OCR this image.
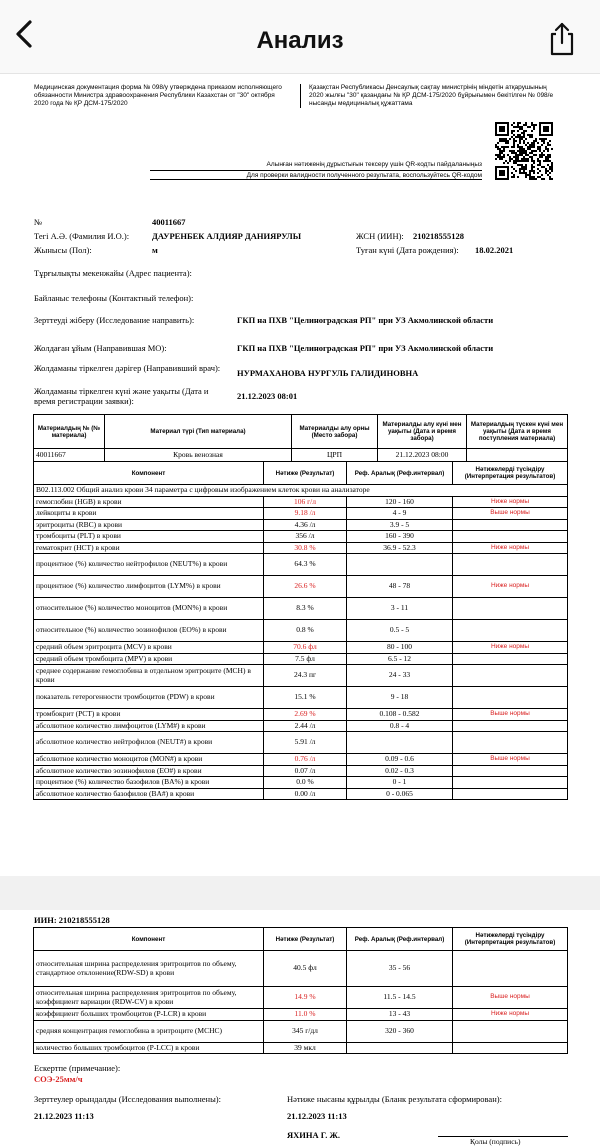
Анализ
Медицинская документация форма № 098/у утверждена приказом исполняющего обязанности Министра здравоохранения Республики Казахстан от "30" октября 2020 года № ҚР ДСМ-175/2020
Қазақстан Республикасы Денсаулық сақтау министрінің міндетін атқарушының 2020 жылғы "30" қазандағы № ҚР ДСМ-175/2020 бұйрығымен бекітілген № 098/е нысанды медициналық құжаттама
Алынған нәтиженің дұрыстығын тексеру үшін QR-кодты пайдаланыңыз
Для проверки валидности полученного результата, воспользуйтесь QR-кодом
№	40011667
Тегі А.Ә. (Фамилия И.О.):	ДАУРЕНБЕК АЛДИЯР ДАНИЯРУЛЫ	ЖСН (ИИН): 210218555128
Жынысы (Пол):	м	Туған күні (Дата рождения): 18.02.2021
Тұрғылықты мекенжайы (Адрес пациента):
Байланыс телефоны (Контактный телефон):
Зерттеуді жіберу (Исследование направить):	ГКП на ПХВ "Целиноградская РП" при УЗ Акмолинской области
Жолдаған ұйым (Направившая МО):	ГКП на ПХВ "Целиноградская РП" при УЗ Акмолинской области
Жолдаманы тіркелген дәрігер (Направивший врач):	НУРМАХАНОВА НУРГУЛЬ ГАЛИДИНОВНА
Жолдаманы тіркелген күні және уақыты (Дата и время регистрации заявки):	21.12.2023 08:01
Материалдың № (№ материала)	Материал түрі (Тип материала)	Материалды алу орны (Место забора)	Материалды алу күні мен уақыты (Дата и время забора)	Материалдың түскен күні мен уақыты (Дата и время поступления материала)
40011667	Кровь венозная	ЦРП	21.12.2023 08:00	
Компонент	Нәтиже (Результат)	Реф. Аралық (Реф.интервал)	Нәтижелерді түсіндіру (Интерпретация результатов)
В02.113.002 Общий анализ крови 34 параметра с цифровым изображением клеток крови на анализаторе			
гемоглобин (HGB) в крови	106 г/л	120 - 160	Ниже нормы
лейкоциты в крови	9.18 /л	4 - 9	Выше нормы
эритроциты (RBC) в крови	4.36 /л	3.9 - 5	
тромбоциты (PLT) в крови	356 /л	160 - 390	
гематокрит (HCT) в крови	30.8 %	36.9 - 52.3	Ниже нормы
процентное (%) количество нейтрофилов (NEUT%) в крови	64.3 %		
процентное (%) количество лимфоцитов (LYM%) в крови	26.6 %	48 - 78	Ниже нормы
относительное (%) количество моноцитов (MON%) в крови	8.3 %	3 - 11	
относительное (%) количество эозинофилов (EO%) в крови	0.8 %	0.5 - 5	
средний объем эритроцита (MCV) в крови	70.6 фл	80 - 100	Ниже нормы
средний объем тромбоцита (MPV) в крови	7.5 фл	6.5 - 12	
среднее содержание гемоглобина в отдельном эритроците (MCH) в крови	24.3 пг	24 - 33	
показатель гетерогенности тромбоцитов (PDW) в крови	15.1 %	9 - 18	
тромбокрит (PCT) в крови	2.69 %	0.108 - 0.582	Выше нормы
абсолютное количество лимфоцитов (LYM#) в крови	2.44 /л	0.8 - 4	
абсолютное количество нейтрофилов (NEUT#) в крови	5.91 /л		
абсолютное количество моноцитов (MON#) в крови	0.76 /л	0.09 - 0.6	Выше нормы
абсолютное количество эозинофилов (EO#) в крови	0.07 /л	0.02 - 0.3	
процентное (%) количество базофилов (BA%) в крови	0.0 %	0 - 1	
абсолютное количество базофилов (BA#) в крови	0.00 /л	0 - 0.065	
ИИН: 210218555128
Компонент	Нәтиже (Результат)	Реф. Аралық (Реф.интервал)	Нәтижелерді түсіндіру (Интерпретация результатов)
относительная ширина распределения эритроцитов по объему, стандартное отклонение(RDW-SD) в крови	40.5 фл	35 - 56	
относительная ширина распределения эритроцитов по объему, коэффициент вариации (RDW-CV) в крови	14.9 %	11.5 - 14.5	Выше нормы
коэффициент больших тромбоцитов (P-LCR) в крови	11.0 %	13 - 43	Ниже нормы
средняя концентрация гемоглобина в эритроците (MCHC)	345 г/дл	320 - 360	
количество больших тромбоцитов (P-LCC) в крови	39 мкл		
Ескертпе (примечание):
СОЭ-25мм/ч
Зерттеулер орындалды (Исследования выполнены):
21.12.2023 11:13
Нәтиже нысаны құрылды (Бланк результата сформирован):
21.12.2023 11:13
ЯХИНА Г. Ж.
Қолы (подпись)
